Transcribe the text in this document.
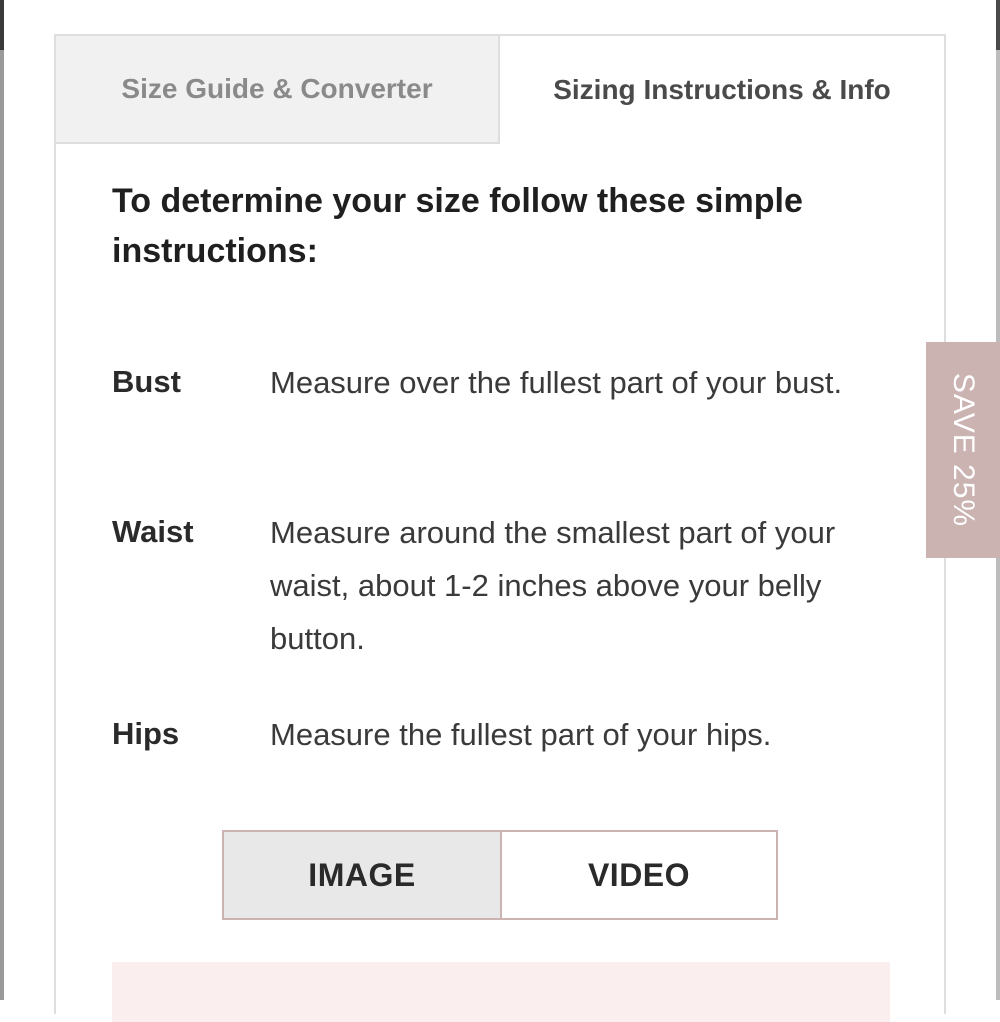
Size Guide & Converter	Sizing Instructions & Info
To determine your size follow these simple instructions:
Bust	Measure over the fullest part of your bust.
Waist	Measure around the smallest part of your waist, about 1-2 inches above your belly button.
Hips	Measure the fullest part of your hips.
IMAGE	VIDEO
SAVE 25%
